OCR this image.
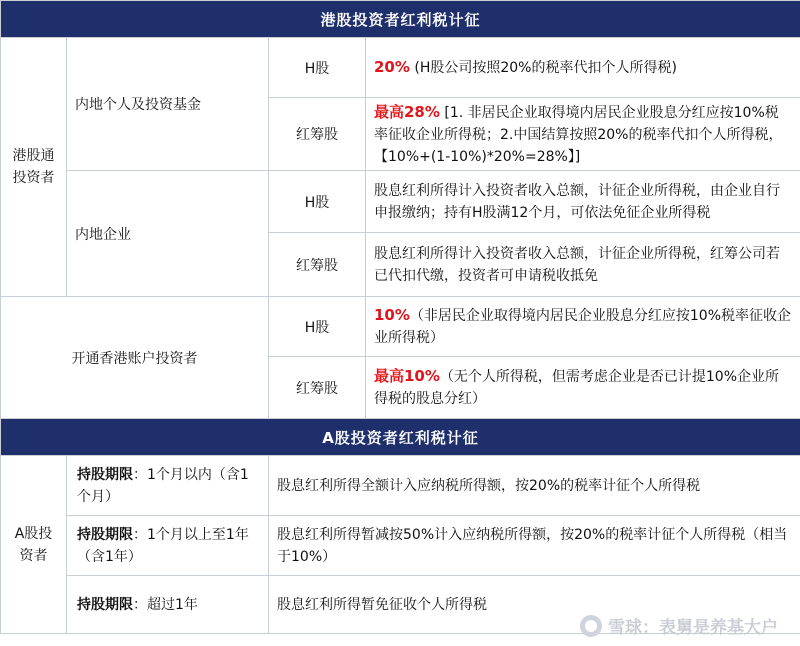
港股投资者红利税计征			
港股通
投资者	内地个人及投资基金	H股	20% (H股公司按照20%的税率代扣个人所得税)
		红筹股	最高28% [1. 非居民企业取得境内居民企业股息分红应按10%税率征收企业所得税；2.中国结算按照20%的税率代扣个人所得税，【10%+(1-10%)*20%=28%】]
	内地企业	H股	股息红利所得计入投资者收入总额，计征企业所得税，由企业自行申报缴纳；持有H股满12个月，可依法免征企业所得税
		红筹股	股息红利所得计入投资者收入总额，计征企业所得税，红筹公司若已代扣代缴，投资者可申请税收抵免
开通香港账户投资者		H股	10%（非居民企业取得境内居民企业股息分红应按10%税率征收企业所得税）
		红筹股	最高10%（无个人所得税，但需考虑企业是否已计提10%企业所得税的股息分红）
A股投资者红利税计征			
A股投
资者	持股期限：1个月以内（含1个月）	股息红利所得全额计入应纳税所得额，按20%的税率计征个人所得税	
	持股期限：1个月以上至1年（含1年）	股息红利所得暂减按50%计入应纳税所得额，按20%的税率计征个人所得税（相当于10%）	
	持股期限：超过1年	股息红利所得暂免征收个人所得税	
雪球：表舅是养基大户
